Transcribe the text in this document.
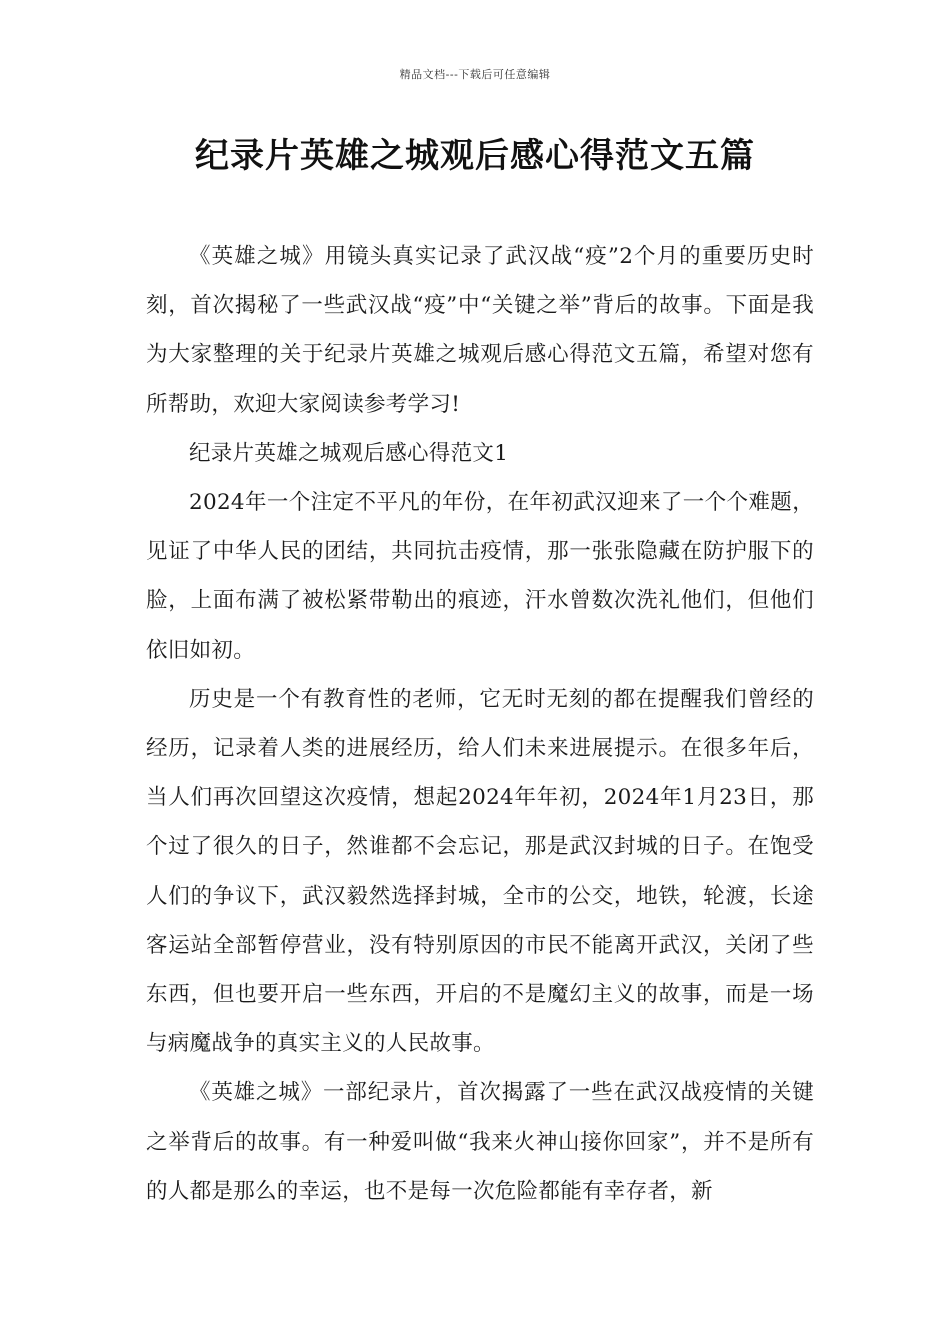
精品文档---下载后可任意编辑
纪录片英雄之城观后感心得范文五篇

《英雄之城》用镜头真实记录了武汉战“疫”2个月的重要历史时刻，首次揭秘了一些武汉战“疫”中“关键之举”背后的故事。下面是我为大家整理的关于纪录片英雄之城观后感心得范文五篇，希望对您有所帮助，欢迎大家阅读参考学习!

纪录片英雄之城观后感心得范文1

2024年一个注定不平凡的年份，在年初武汉迎来了一个个难题，见证了中华人民的团结，共同抗击疫情，那一张张隐藏在防护服下的脸，上面布满了被松紧带勒出的痕迹，汗水曾数次洗礼他们，但他们依旧如初。

历史是一个有教育性的老师，它无时无刻的都在提醒我们曾经的经历，记录着人类的进展经历，给人们未来进展提示。在很多年后，当人们再次回望这次疫情，想起2024年年初，2024年1月23日，那个过了很久的日子，然谁都不会忘记，那是武汉封城的日子。在饱受人们的争议下，武汉毅然选择封城，全市的公交，地铁，轮渡，长途客运站全部暂停营业，没有特别原因的市民不能离开武汉，关闭了些东西，但也要开启一些东西，开启的不是魔幻主义的故事，而是一场与病魔战争的真实主义的人民故事。

《英雄之城》一部纪录片，首次揭露了一些在武汉战疫情的关键之举背后的故事。有一种爱叫做“我来火神山接你回家”，并不是所有的人都是那么的幸运，也不是每一次危险都能有幸存者，新
